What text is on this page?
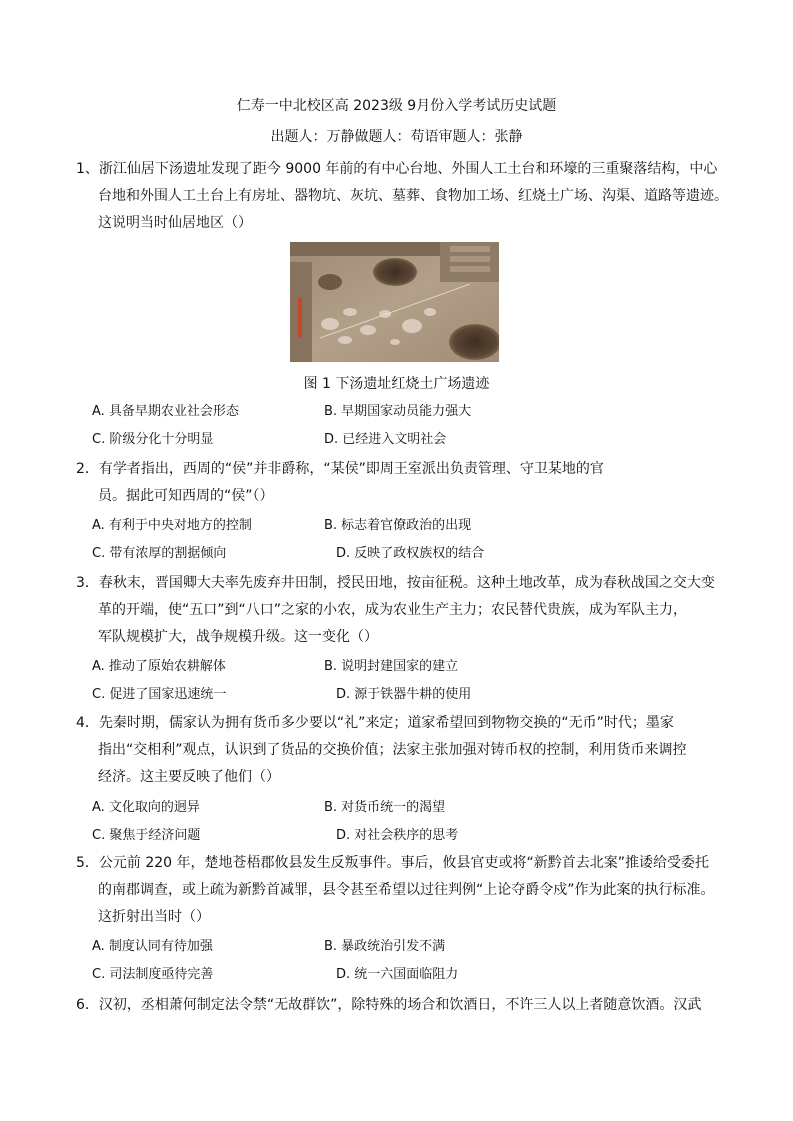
仁寿一中北校区高 2023级 9月份入学考试历史试题
出题人：万静做题人：苟语审题人：张静
1、浙江仙居下汤遗址发现了距今 9000 年前的有中心台地、外围人工土台和环壕的三重聚落结构，中心
台地和外围人工土台上有房址、器物坑、灰坑、墓葬、食物加工场、红烧土广场、沟渠、道路等遗迹。
这说明当时仙居地区（）
图 1 下汤遗址红烧土广场遗迹
A. 具备早期农业社会形态	B. 早期国家动员能力强大
C. 阶级分化十分明显	D. 已经进入文明社会
2．有学者指出，西周的“侯”并非爵称，“某侯”即周王室派出负责管理、守卫某地的官
员。据此可知西周的“侯”（）
A. 有利于中央对地方的控制	B. 标志着官僚政治的出现
C. 带有浓厚的割据倾向	D. 反映了政权族权的结合
3．春秋末，晋国卿大夫率先废弃井田制，授民田地，按亩征税。这种土地改革，成为春秋战国之交大变
革的开端，使“五口”到“八口”之家的小农，成为农业生产主力；农民替代贵族，成为军队主力，
军队规模扩大，战争规模升级。这一变化（）
A. 推动了原始农耕解体	B. 说明封建国家的建立
C. 促进了国家迅速统一	D. 源于铁器牛耕的使用
4．先秦时期，儒家认为拥有货币多少要以“礼”来定；道家希望回到物物交换的“无币”时代；墨家
指出“交相利”观点，认识到了货品的交换价值；法家主张加强对铸币权的控制，利用货币来调控
经济。这主要反映了他们（）
A. 文化取向的迥异	B. 对货币统一的渴望
C. 聚焦于经济问题	D. 对社会秩序的思考
5．公元前 220 年，楚地苍梧郡攸县发生反叛事件。事后，攸县官吏或将“新黔首去北案”推诿给受委托
的南郡调查，或上疏为新黔首减罪，县令甚至希望以过往判例“上论夺爵令戍”作为此案的执行标准。
这折射出当时（）
A. 制度认同有待加强	B. 暴政统治引发不满
C. 司法制度亟待完善	D. 统一六国面临阻力
6．汉初，丞相萧何制定法令禁“无故群饮”，除特殊的场合和饮酒日，不许三人以上者随意饮酒。汉武
